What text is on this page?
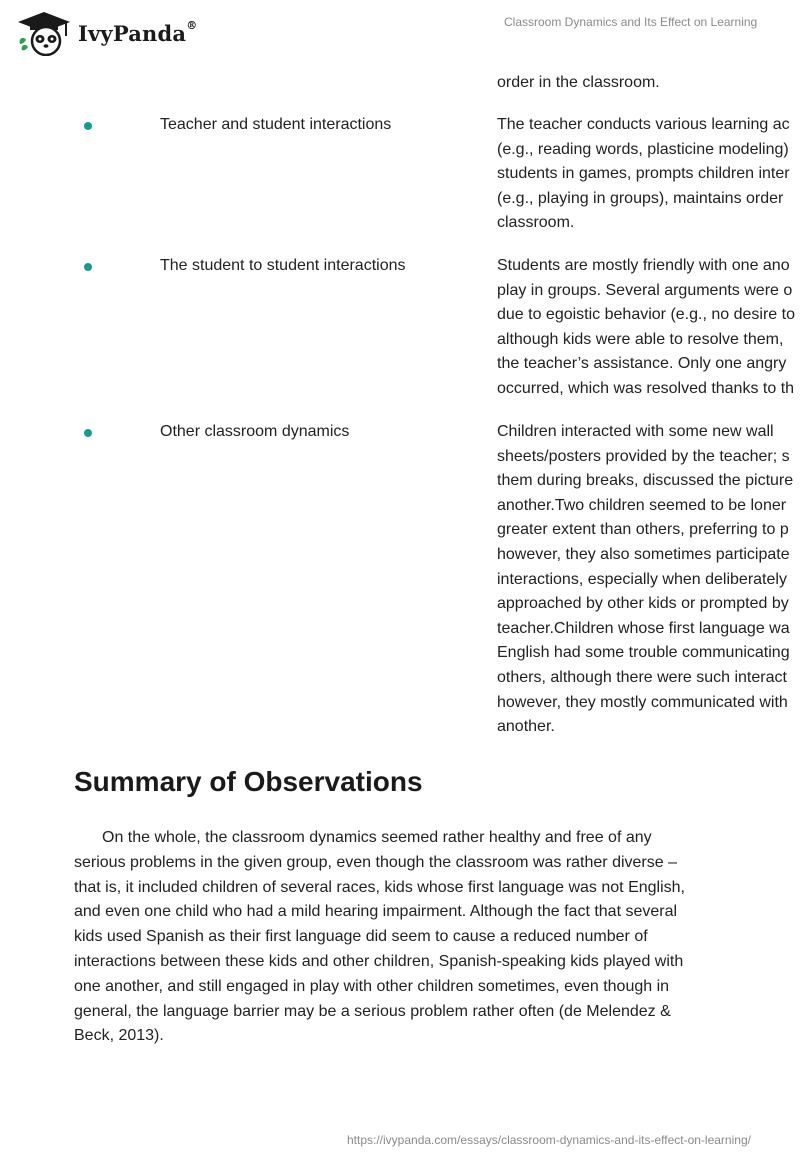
IvyPanda®	Classroom Dynamics and Its Effect on Learning
order in the classroom.
Teacher and student interactions	The teacher conducts various learning ac
(e.g., reading words, plasticine modeling)
students in games, prompts children inter
(e.g., playing in groups), maintains order
classroom.
The student to student interactions	Students are mostly friendly with one ano
play in groups. Several arguments were o
due to egoistic behavior (e.g., no desire to
although kids were able to resolve them,
the teacher’s assistance. Only one angry
occurred, which was resolved thanks to th
Other classroom dynamics	Children interacted with some new wall
sheets/posters provided by the teacher; s
them during breaks, discussed the picture
another.Two children seemed to be loner
greater extent than others, preferring to p
however, they also sometimes participate
interactions, especially when deliberately
approached by other kids or prompted by
teacher.Children whose first language wa
English had some trouble communicating
others, although there were such interact
however, they mostly communicated with
another.
Summary of Observations
On the whole, the classroom dynamics seemed rather healthy and free of any
serious problems in the given group, even though the classroom was rather diverse –
that is, it included children of several races, kids whose first language was not English,
and even one child who had a mild hearing impairment. Although the fact that several
kids used Spanish as their first language did seem to cause a reduced number of
interactions between these kids and other children, Spanish-speaking kids played with
one another, and still engaged in play with other children sometimes, even though in
general, the language barrier may be a serious problem rather often (de Melendez &
Beck, 2013).
https://ivypanda.com/essays/classroom-dynamics-and-its-effect-on-learning/
